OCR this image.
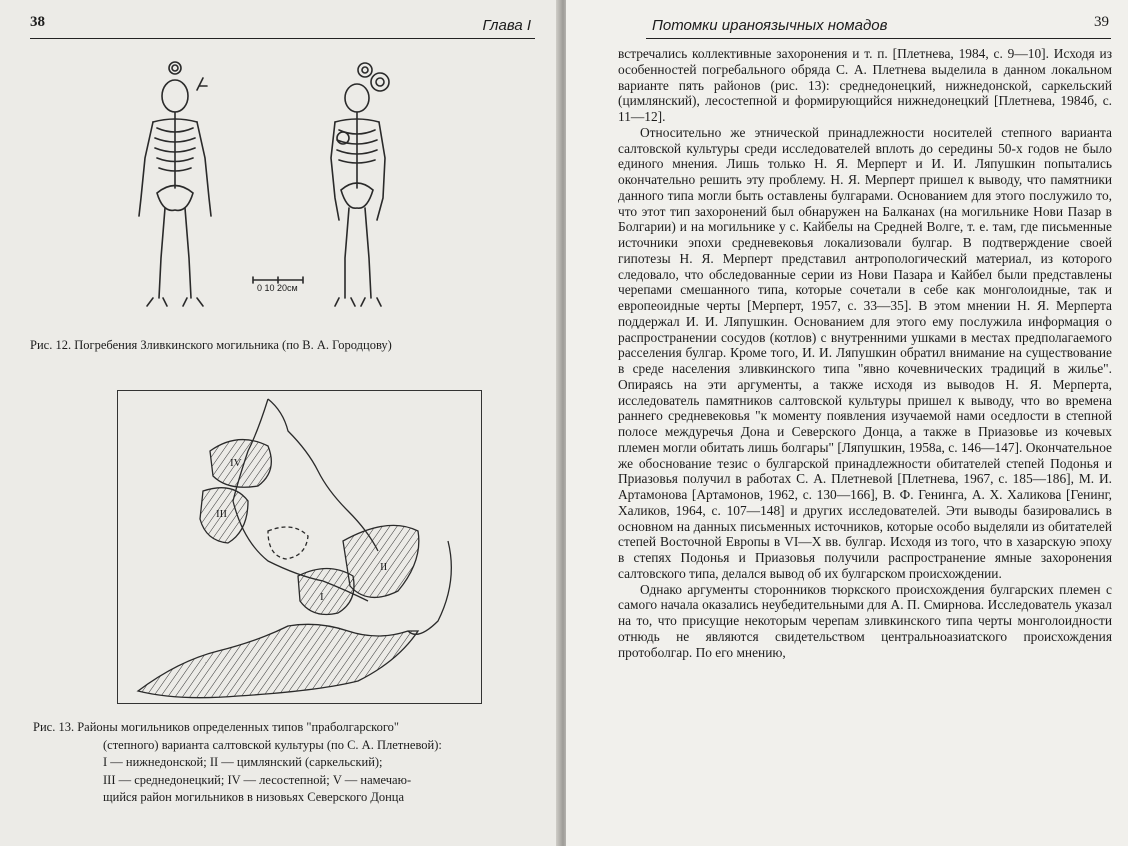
38	Глава I
0 10 20см
Рис. 12. Погребения Зливкинского могильника (по В. А. Городцову)
IV
III
II
I
Рис. 13. Районы могильников определенных типов "праболгарского"
(степного) варианта салтовской культуры (по С. А. Плетневой):
I — нижнедонской; II — цимлянский (саркельский);
III — среднедонецкий; IV — лесостепной; V — намечаю-
щийся район могильников в низовьях Северского Донца
Потомки ираноязычных номадов	39

встречались коллективные захоронения и т. п. [Плетнева, 1984, с. 9—10]. Исходя из особенностей погребального обряда С. А. Плетнева выделила в данном локальном варианте пять районов (рис. 13): среднедонецкий, нижнедонской, саркельский (цимлянский), лесостепной и формирующийся нижнедонецкий [Плетнева, 1984б, с. 11—12].

Относительно же этнической принадлежности носителей степного варианта салтовской культуры среди исследователей вплоть до середины 50-х годов не было единого мнения. Лишь только Н. Я. Мерперт и И. И. Ляпушкин попытались окончательно решить эту проблему. Н. Я. Мерперт пришел к выводу, что памятники данного типа могли быть оставлены булгарами. Основанием для этого послужило то, что этот тип захоронений был обнаружен на Балканах (на могильнике Нови Пазар в Болгарии) и на могильнике у с. Кайбелы на Средней Волге, т. е. там, где письменные источники эпохи средневековья локализовали булгар. В подтверждение своей гипотезы Н. Я. Мерперт представил антропологический материал, из которого следовало, что обследованные серии из Нови Пазара и Кайбел были представлены черепами смешанного типа, которые сочетали в себе как монголоидные, так и европеоидные черты [Мерперт, 1957, с. 33—35]. В этом мнении Н. Я. Мерперта поддержал И. И. Ляпушкин. Основанием для этого ему послужила информация о распространении сосудов (котлов) с внутренними ушками в местах предполагаемого расселения булгар. Кроме того, И. И. Ляпушкин обратил внимание на существование в среде населения зливкинского типа "явно кочевнических традиций в жилье". Опираясь на эти аргументы, а также исходя из выводов Н. Я. Мерперта, исследователь памятников салтовской культуры пришел к выводу, что во времена раннего средневековья "к моменту появления изучаемой нами оседлости в степной полосе междуречья Дона и Северского Донца, а также в Приазовье из кочевых племен могли обитать лишь болгары" [Ляпушкин, 1958а, с. 146—147]. Окончательное же обоснование тезис о булгарской принадлежности обитателей степей Подонья и Приазовья получил в работах С. А. Плетневой [Плетнева, 1967, с. 185—186], М. И. Артамонова [Артамонов, 1962, с. 130—166], В. Ф. Генинга, А. Х. Халикова [Генинг, Халиков, 1964, с. 107—148] и других исследователей. Эти выводы базировались в основном на данных письменных источников, которые особо выделяли из обитателей степей Восточной Европы в VI—X вв. булгар. Исходя из того, что в хазарскую эпоху в степях Подонья и Приазовья получили распространение ямные захоронения салтовского типа, делался вывод об их булгарском происхождении.

Однако аргументы сторонников тюркского происхождения булгарских племен с самого начала оказались неубедительными для А. П. Смирнова. Исследователь указал на то, что присущие некоторым черепам зливкинского типа черты монголоидности отнюдь не являются свидетельством центральноазиатского происхождения протоболгар. По его мнению,
